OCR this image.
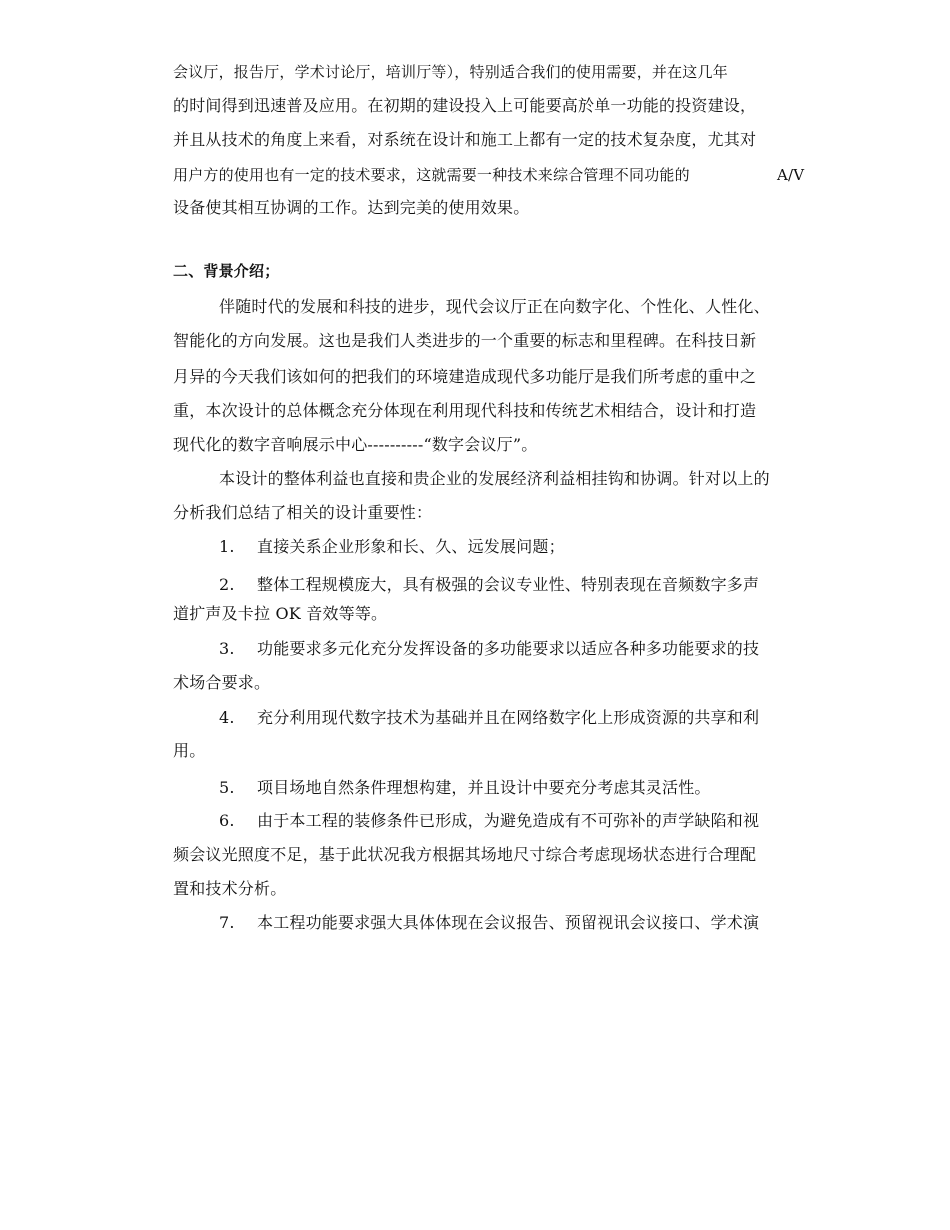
会议厅，报告厅，学术讨论厅，培训厅等），特别适合我们的使用需要，并在这几年
的时间得到迅速普及应用。在初期的建设投入上可能要高於单一功能的投资建设，
并且从技术的角度上来看，对系统在设计和施工上都有一定的技术复杂度，尤其对
用户方的使用也有一定的技术要求，这就需要一种技术来综合管理不同功能的	A/V
设备使其相互协调的工作。达到完美的使用效果。
二、背景介绍；
伴随时代的发展和科技的进步，现代会议厅正在向数字化、个性化、人性化、
智能化的方向发展。这也是我们人类进步的一个重要的标志和里程碑。在科技日新
月异的今天我们该如何的把我们的环境建造成现代多功能厅是我们所考虑的重中之
重，本次设计的总体概念充分体现在利用现代科技和传统艺术相结合，设计和打造
现代化的数字音响展示中心----------“数字会议厅”。
本设计的整体利益也直接和贵企业的发展经济利益相挂钩和协调。针对以上的
分析我们总结了相关的设计重要性：
1. 直接关系企业形象和长、久、远发展问题；
2. 整体工程规模庞大，具有极强的会议专业性、特别表现在音频数字多声
道扩声及卡拉 OK 音效等等。
3. 功能要求多元化充分发挥设备的多功能要求以适应各种多功能要求的技
术场合要求。
4. 充分利用现代数字技术为基础并且在网络数字化上形成资源的共享和利
用。
5. 项目场地自然条件理想构建，并且设计中要充分考虑其灵活性。
6. 由于本工程的装修条件已形成，为避免造成有不可弥补的声学缺陷和视
频会议光照度不足，基于此状况我方根据其场地尺寸综合考虑现场状态进行合理配
置和技术分析。
7. 本工程功能要求强大具体体现在会议报告、预留视讯会议接口、学术演
